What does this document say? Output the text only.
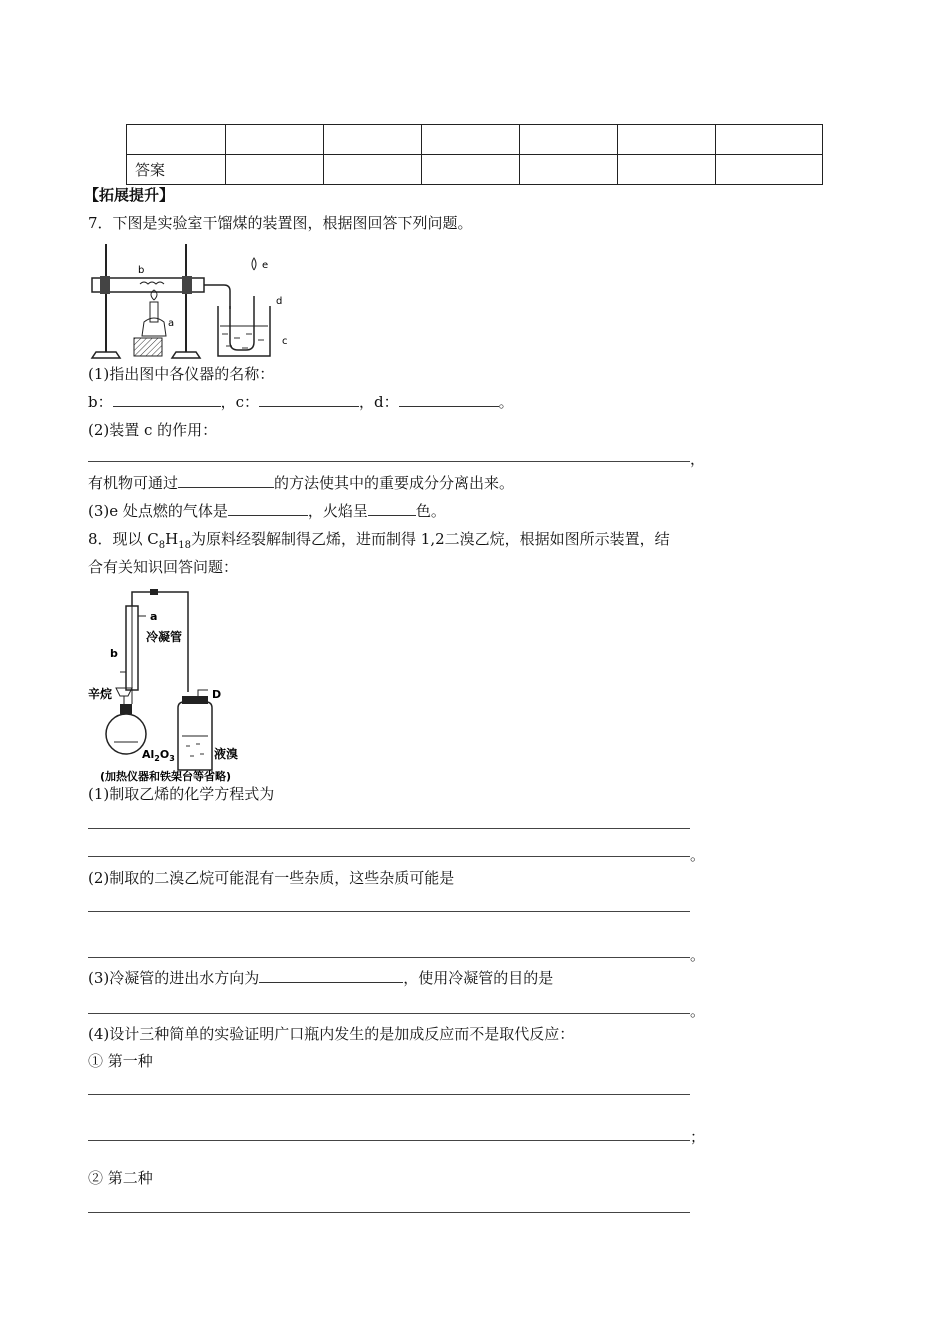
答案						
【拓展提升】
7．下图是实验室干馏煤的装置图，根据图回答下列问题。
b
a
e
d
c
(1)指出图中各仪器的名称：
b：	，c：	，d：	。
(2)装置 c 的作用：
，
有机物可通过	的方法使其中的重要成分分离出来。
(3)e 处点燃的气体是	，火焰呈	色。
8．现以 $C_8H_{18}$为原料经裂解制得乙烯，进而制得 1,2二溴乙烷，根据如图所示装置，结
合有关知识回答问题：
a
冷凝管
b
辛烷	D
$Al_2O_3$	液溴
(加热仪器和铁架台等省略)
(1)制取乙烯的化学方程式为
。
(2)制取的二溴乙烷可能混有一些杂质，这些杂质可能是
。
(3)冷凝管的进出水方向为	，使用冷凝管的目的是
。
(4)设计三种简单的实验证明广口瓶内发生的是加成反应而不是取代反应：
① 第一种
；
② 第二种
